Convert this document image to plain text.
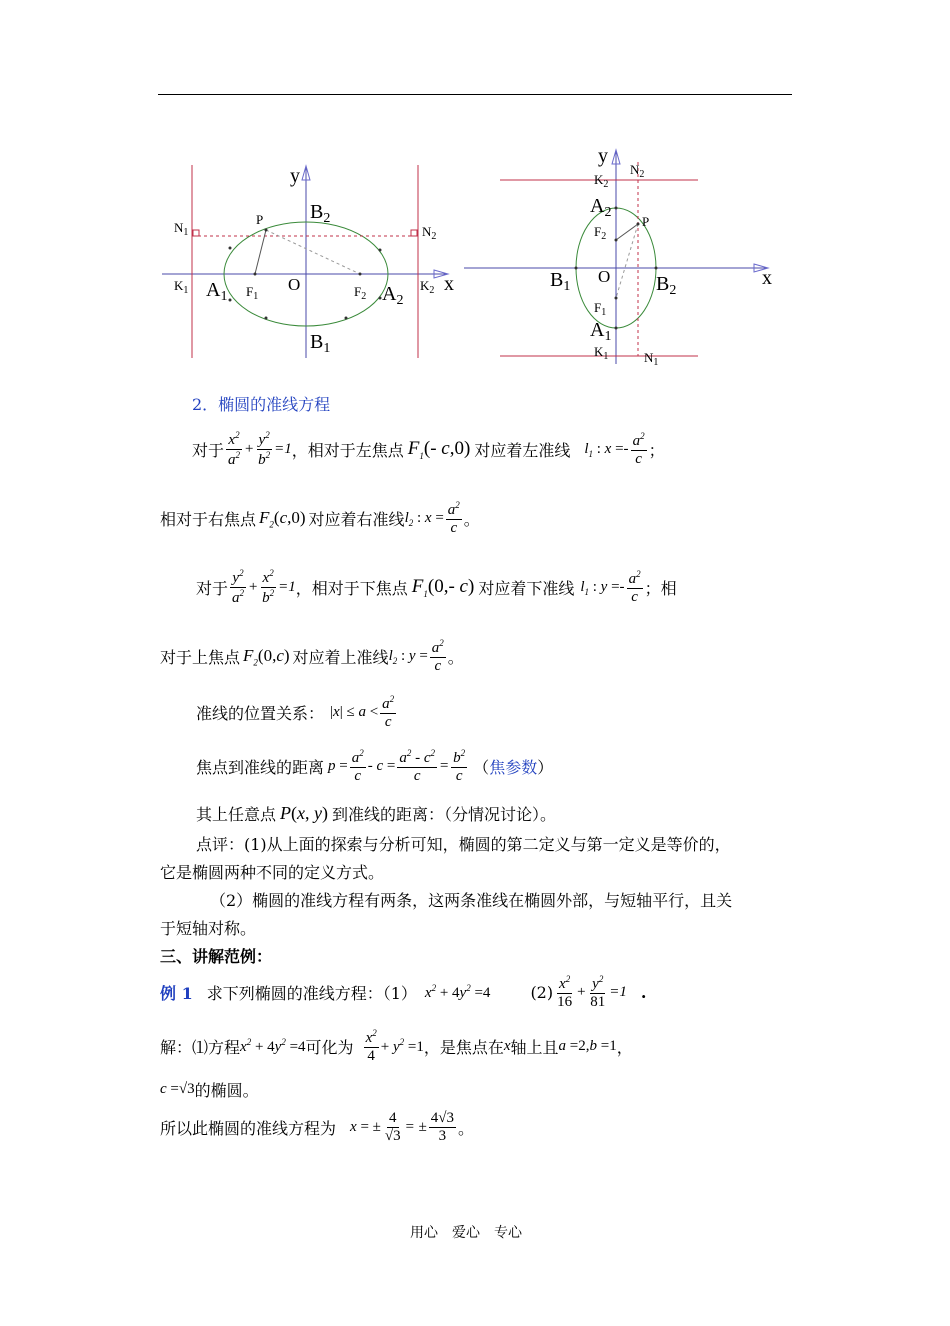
y
x
O
$B_2$
$B_1$
$A_1$	$A_2$
$F_1$	$F_2$
$N_1$	$N_2$
$K_1$	$K_2$
P
y
x
O
$N_2$
$K_2$
$A_2$
P
$F_2$
$B_1$	$B_2$
$F_1$
$A_1$
$K_1$	$N_1$
2．椭圆的准线方程
对于 $\frac{x^2}{a^2} + \frac{y^2}{b^2} =1$ ，相对于左焦点 $F_1(-$ c,0) 对应着左准线 $l_1$ : $x =- \frac{a^2}{c}$ ；
相对于右焦点 $F_2(c,0)$ 对应着右准线 $l_2$ : $x = \frac{a^2}{c}$ 。
对于 $\frac{y^2}{a^2} + \frac{x^2}{b^2} =1$ ，相对于下焦点 $F_1(0,-$ c) 对应着下准线 $l_1$ : $y =- \frac{a^2}{c}$ ；相
对于上焦点 $F_2(0,c)$ 对应着上准线 $l_2$ : $y = \frac{a^2}{c}$ 。
准线的位置关系： $|x| \le a < \frac{a^2}{c}$
焦点到准线的距离 $p = \frac{a^2}{c} - c = \frac{a^2 - c^2}{c} = \frac{b^2}{c}$ （ 焦参数 ）
其上任意点 P(x, y) 到准线的距离：（分情况讨论）。
点评：(1)从上面的探索与分析可知，椭圆的第二定义与第一定义是等价的，
它是椭圆两种不同的定义方式。
（2）椭圆的准线方程有两条，这两条准线在椭圆外部，与短轴平行，且关
于短轴对称。
三、讲解范例：
例 1 求下列椭圆的准线方程：（1） $x^2 + 4y^2 =4$	$(2) \frac{x^2}{16} + \frac{y^2}{81} =1$ .
解：⑴方程 $x^2 + 4y^2 =4$ 可化为 $\frac{x^2}{4} + y^2 =1$ ，是焦点在 x 轴上且 a =2,b =1 ，
c =√3 的椭圆。
所以此椭圆的准线方程为 x = ± $\frac{4}{√3}$ = ± $\frac{4√3}{3}$ 。
用心　爱心　专心
